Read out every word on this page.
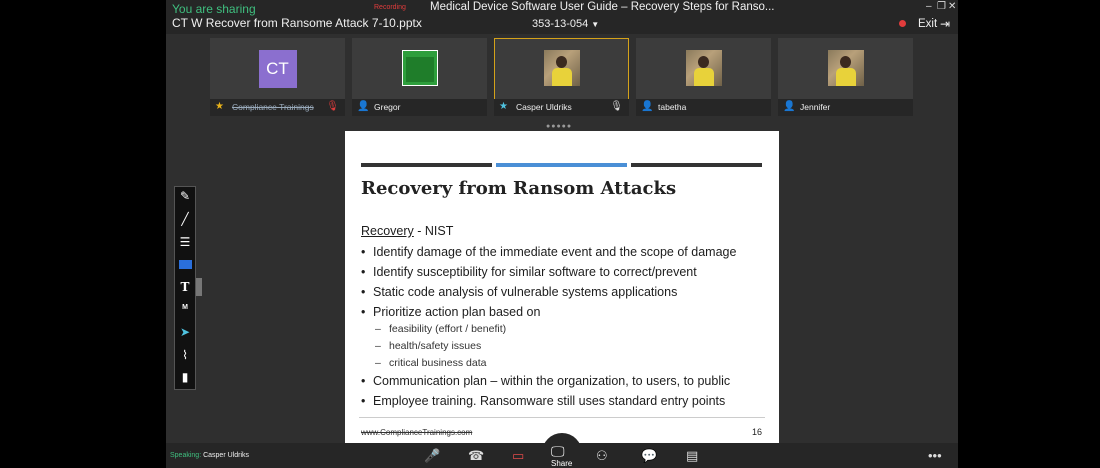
You are sharing
CT W Recover from Ransome Attack 7-10.pptx
Recording Medical Device Software User Guide – Recovery Steps for Ranso...
353-13-054 ▼
– ❐ ✕
Exit ⇥
CT
★ Compliance Trainings 🎙 👤 Gregor	★ Casper Uldriks	🎙 👤 tabetha	👤 Jennifer
●●●●●
Recovery from Ransom Attacks
Recovery - NIST
• Identify damage of the immediate event and the scope of damage
• Identify susceptibility for similar software to correct/prevent
• Static code analysis of vulnerable systems applications
• Prioritize action plan based on
– feasibility (effort / benefit)
– health/safety issues
– critical business data
• Communication plan – within the organization, to users, to public
• Employee training. Ransomware still uses standard entry points
www.ComplianceTrainings.com	16
Speaking: Casper Uldriks	🎤 ☎ ▭ 🖵
Share
⚇	💬 ▤	•••
✎
╱
☰
T
M
➤
⌇
▮
